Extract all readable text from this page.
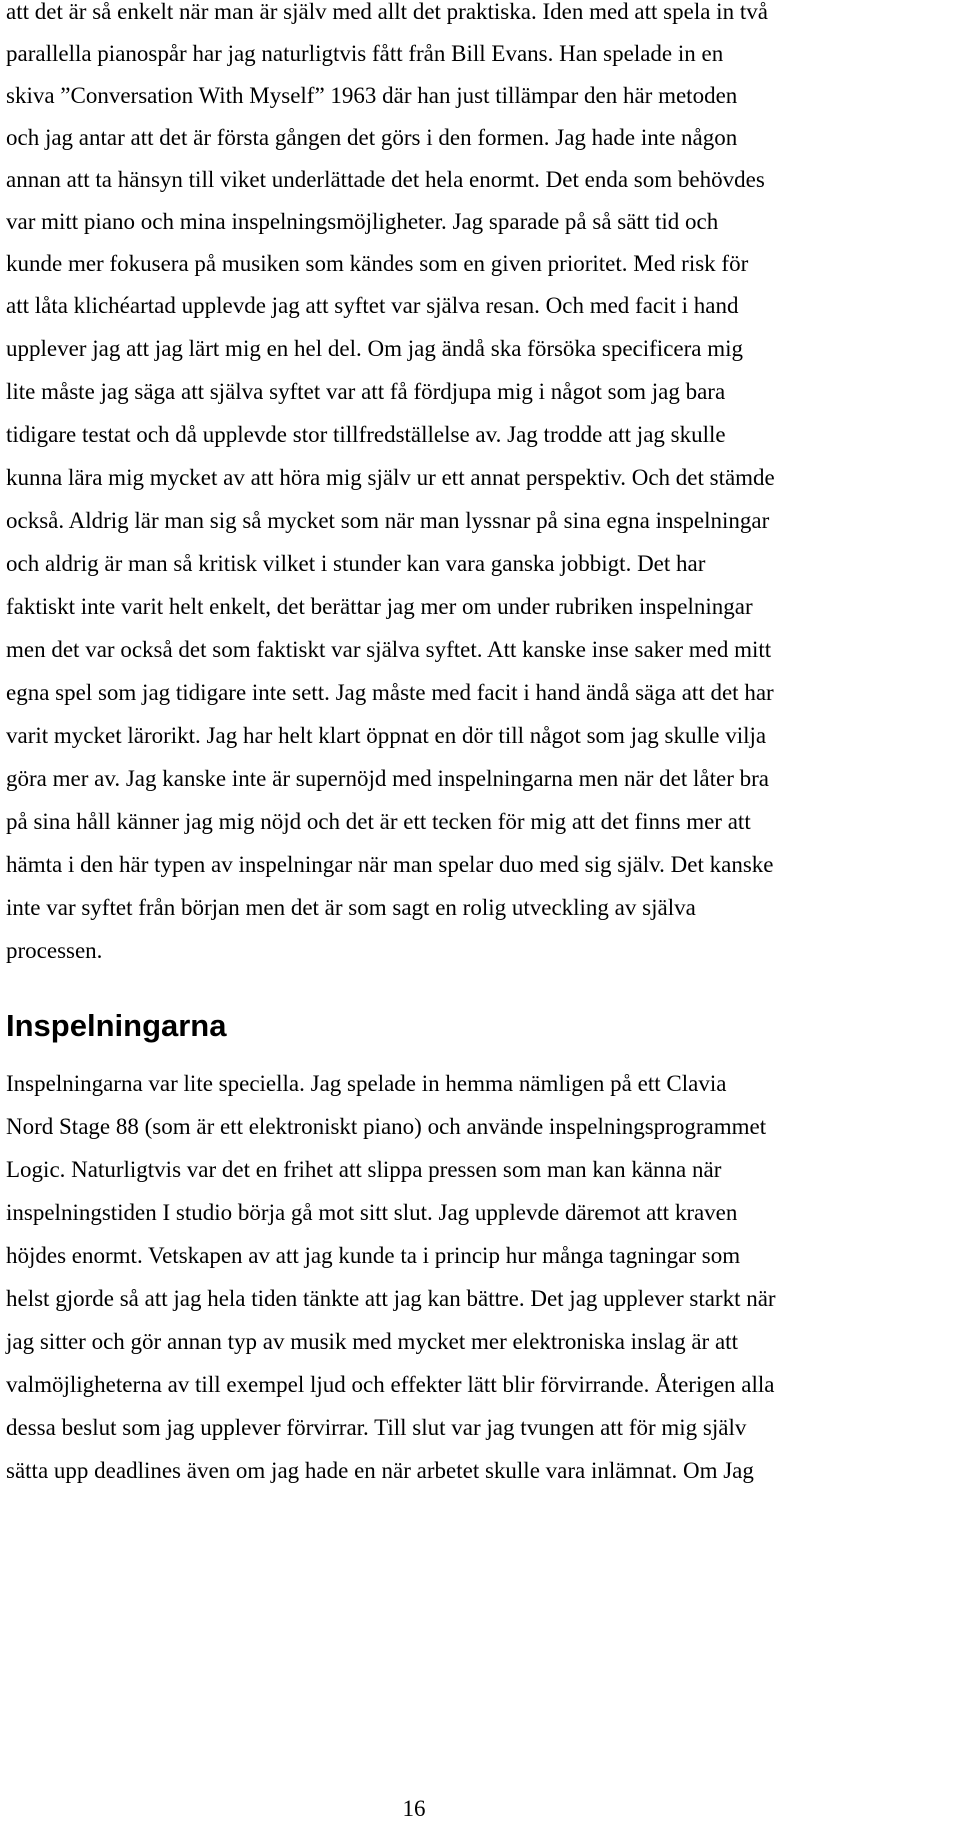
att det är så enkelt när man är själv med allt det praktiska. Iden med att spela in två

parallella pianospår har jag naturligtvis fått från Bill Evans. Han spelade in en

skiva ”Conversation With Myself” 1963 där han just tillämpar den här metoden

och jag antar att det är första gången det görs i den formen. Jag hade inte någon

annan att ta hänsyn till viket underlättade det hela enormt. Det enda som behövdes

var mitt piano och mina inspelningsmöjligheter. Jag sparade på så sätt tid och

kunde mer fokusera på musiken som kändes som en given prioritet. Med risk för

att låta klichéartad upplevde jag att syftet var själva resan. Och med facit i hand

upplever jag att jag lärt mig en hel del. Om jag ändå ska försöka specificera mig

lite måste jag säga att själva syftet var att få fördjupa mig i något som jag bara

tidigare testat och då upplevde stor tillfredställelse av. Jag trodde att jag skulle

kunna lära mig mycket av att höra mig själv ur ett annat perspektiv. Och det stämde

också. Aldrig lär man sig så mycket som när man lyssnar på sina egna inspelningar

och aldrig är man så kritisk vilket i stunder kan vara ganska jobbigt. Det har

faktiskt inte varit helt enkelt, det berättar jag mer om under rubriken inspelningar

men det var också det som faktiskt var själva syftet. Att kanske inse saker med mitt

egna spel som jag tidigare inte sett. Jag måste med facit i hand ändå säga att det har

varit mycket lärorikt. Jag har helt klart öppnat en dör till något som jag skulle vilja

göra mer av. Jag kanske inte är supernöjd med inspelningarna men när det låter bra

på sina håll känner jag mig nöjd och det är ett tecken för mig att det finns mer att

hämta i den här typen av inspelningar när man spelar duo med sig själv. Det kanske

inte var syftet från början men det är som sagt en rolig utveckling av själva

processen.

Inspelningarna

Inspelningarna var lite speciella. Jag spelade in hemma nämligen på ett Clavia

Nord Stage 88 (som är ett elektroniskt piano) och använde inspelningsprogrammet

Logic. Naturligtvis var det en frihet att slippa pressen som man kan känna när

inspelningstiden I studio börja gå mot sitt slut. Jag upplevde däremot att kraven

höjdes enormt. Vetskapen av att jag kunde ta i princip hur många tagningar som

helst gjorde så att jag hela tiden tänkte att jag kan bättre. Det jag upplever starkt när

jag sitter och gör annan typ av musik med mycket mer elektroniska inslag är att

valmöjligheterna av till exempel ljud och effekter lätt blir förvirrande. Återigen alla

dessa beslut som jag upplever förvirrar. Till slut var jag tvungen att för mig själv

sätta upp deadlines även om jag hade en när arbetet skulle vara inlämnat. Om Jag

16
